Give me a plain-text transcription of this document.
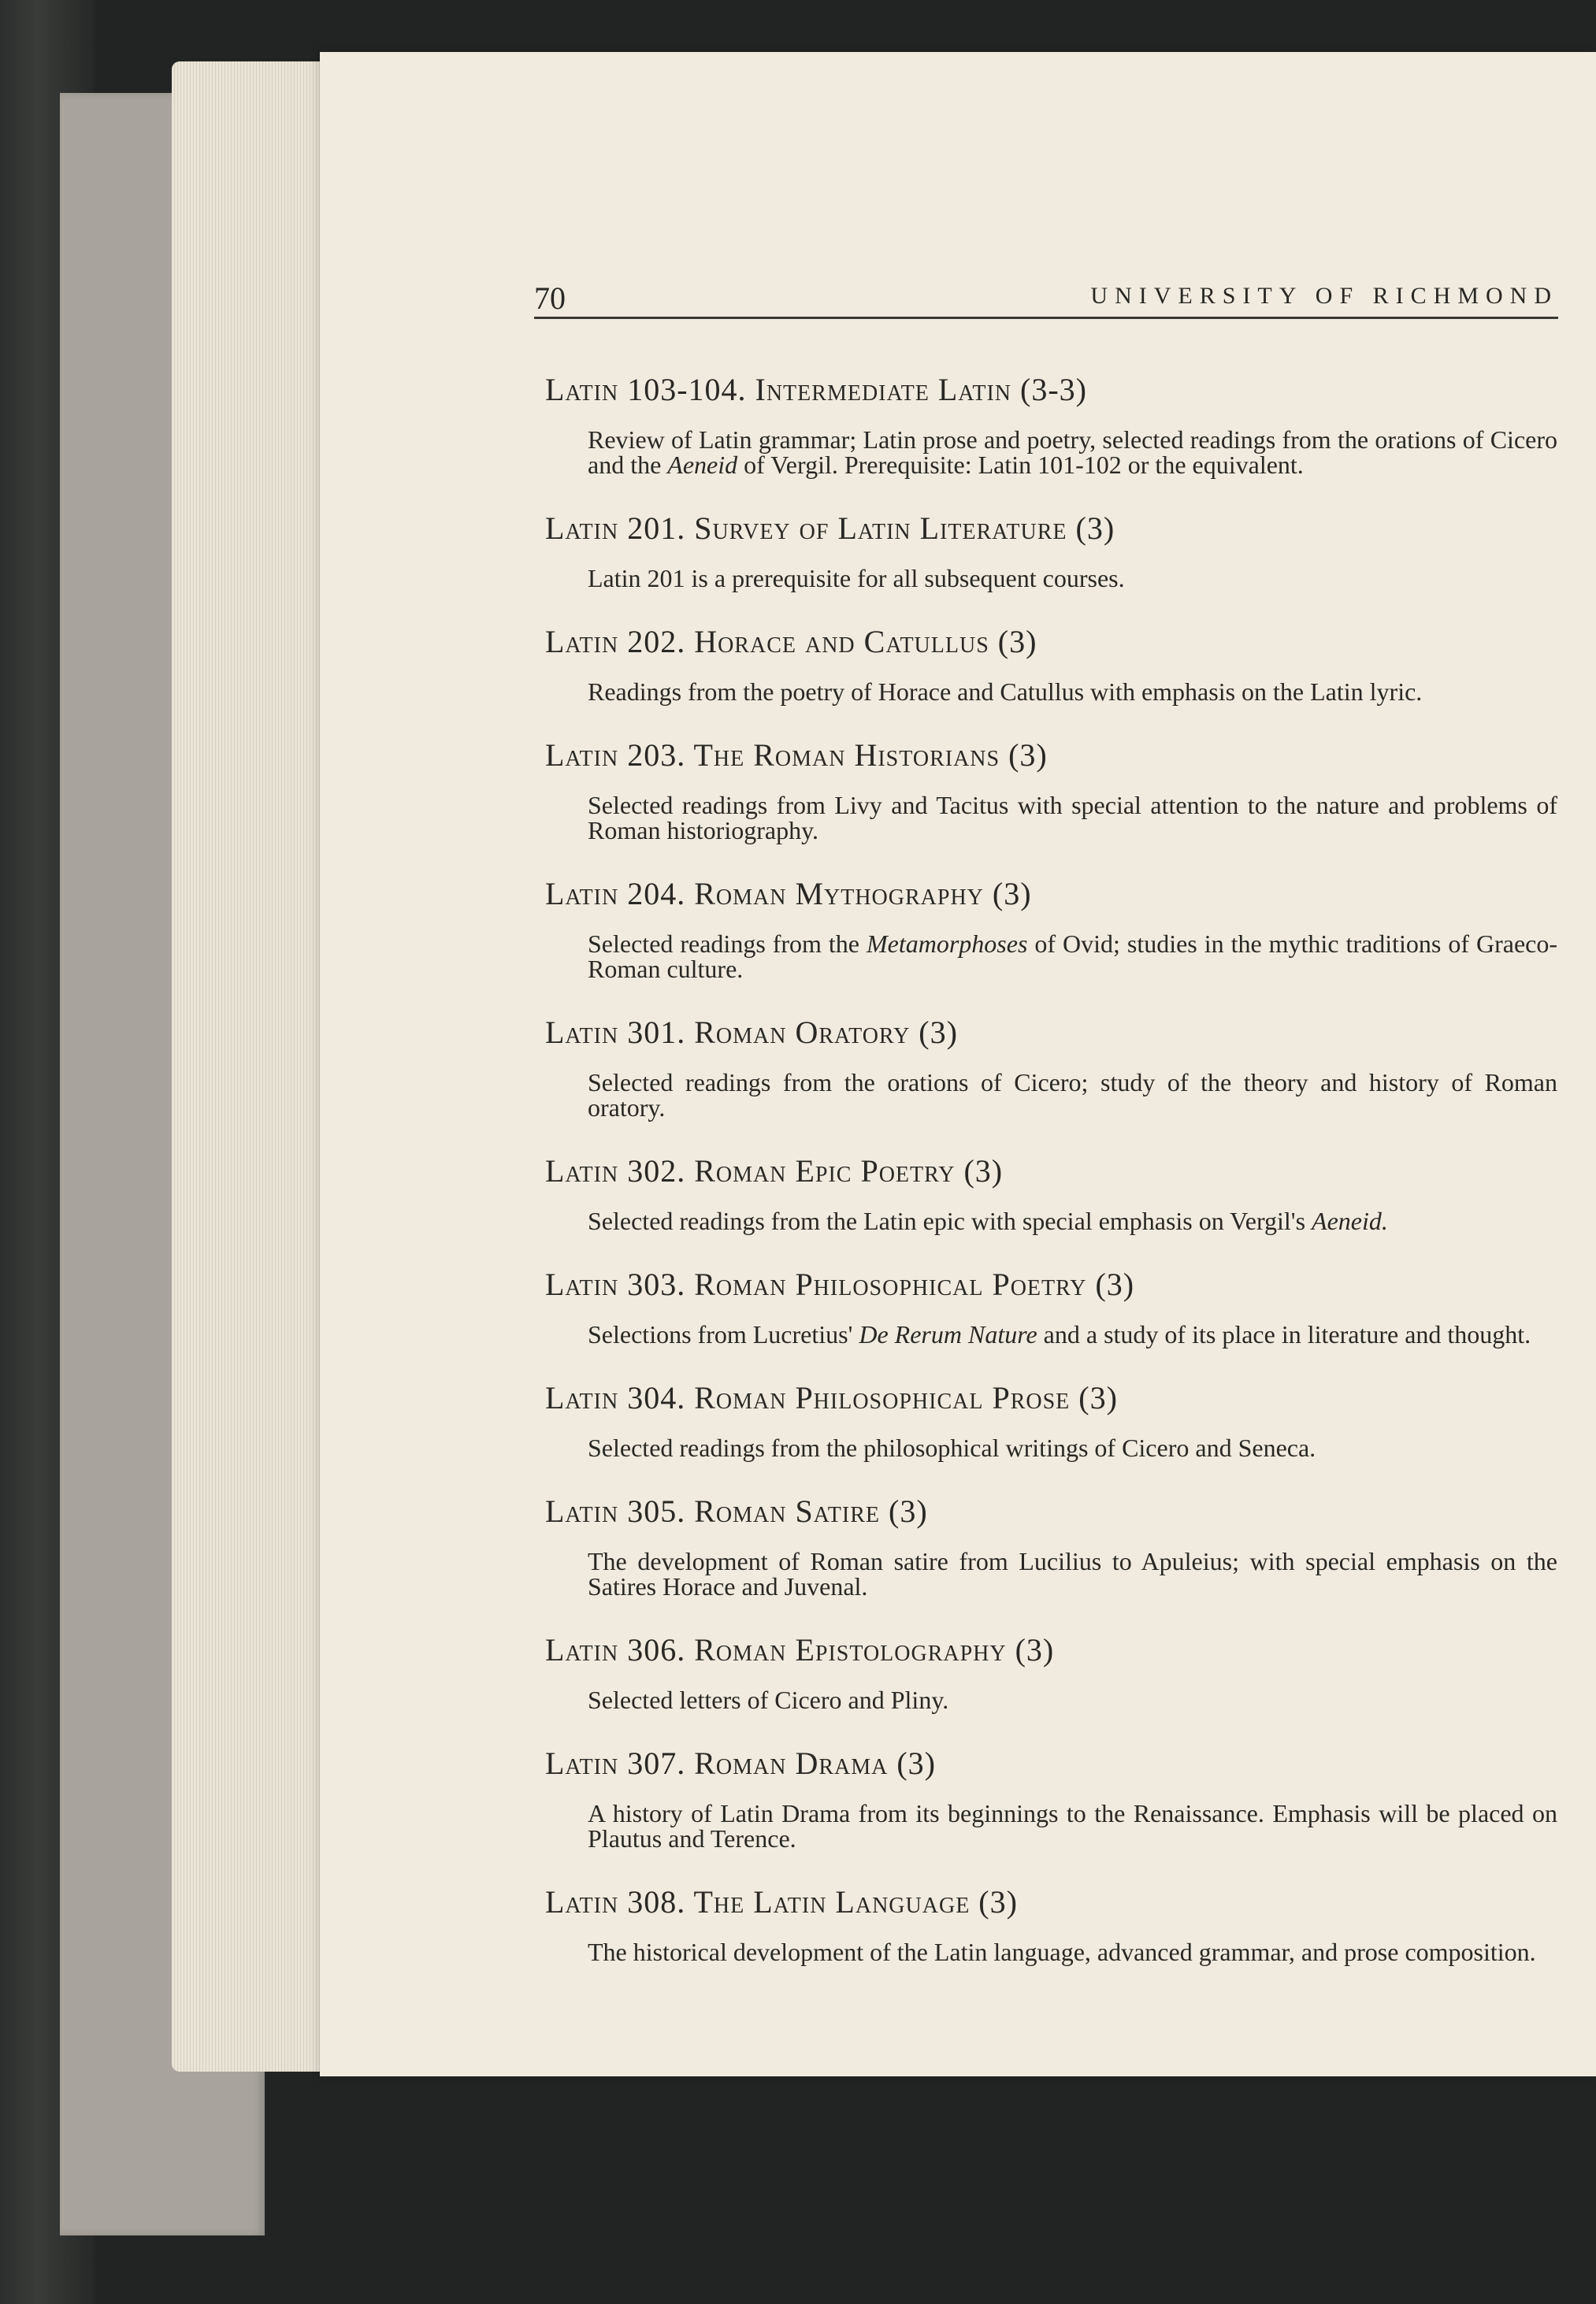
70	UNIVERSITY OF RICHMOND
Latin 103-104. Intermediate Latin (3-3)
Review of Latin grammar; Latin prose and poetry, selected readings from the orations of Cicero and the Aeneid of Vergil. Prerequisite: Latin 101-102 or the equivalent.
Latin 201. Survey of Latin Literature (3)
Latin 201 is a prerequisite for all subsequent courses.
Latin 202. Horace and Catullus (3)
Readings from the poetry of Horace and Catullus with emphasis on the Latin lyric.
Latin 203. The Roman Historians (3)
Selected readings from Livy and Tacitus with special attention to the nature and problems of Roman historiography.
Latin 204. Roman Mythography (3)
Selected readings from the Metamorphoses of Ovid; studies in the mythic traditions of Graeco-Roman culture.
Latin 301. Roman Oratory (3)
Selected readings from the orations of Cicero; study of the theory and history of Roman oratory.
Latin 302. Roman Epic Poetry (3)
Selected readings from the Latin epic with special emphasis on Vergil's Aeneid.
Latin 303. Roman Philosophical Poetry (3)
Selections from Lucretius' De Rerum Nature and a study of its place in literature and thought.
Latin 304. Roman Philosophical Prose (3)
Selected readings from the philosophical writings of Cicero and Seneca.
Latin 305. Roman Satire (3)
The development of Roman satire from Lucilius to Apuleius; with special emphasis on the Satires Horace and Juvenal.
Latin 306. Roman Epistolography (3)
Selected letters of Cicero and Pliny.
Latin 307. Roman Drama (3)
A history of Latin Drama from its beginnings to the Renaissance. Emphasis will be placed on Plautus and Terence.
Latin 308. The Latin Language (3)
The historical development of the Latin language, advanced grammar, and prose composition.
